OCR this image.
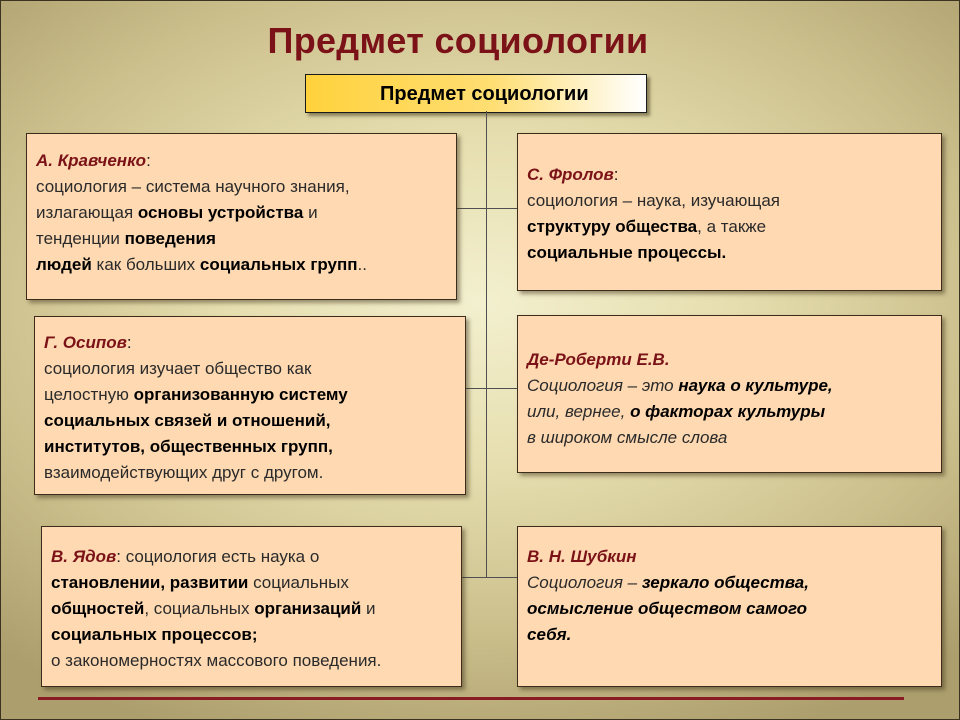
Предмет социологии
Предмет социологии
А. Кравченко:
социология – система научного знания,
излагающая основы устройства и
тенденции поведения
людей как больших социальных групп..
С. Фролов:
социология – наука, изучающая
структуру общества, а также
социальные процессы.
Г. Осипов:
социология изучает общество как
целостную организованную систему
социальных связей и отношений,
институтов, общественных групп,
взаимодействующих друг с другом.
Де-Роберти Е.В.
Социология – это наука о культуре,
или, вернее, о факторах культуры
в широком смысле слова
В. Ядов: социология есть наука о
становлении, развитии социальных
общностей, социальных организаций и
социальных процессов;
о закономерностях массового поведения.
В. Н. Шубкин
Социология – зеркало общества,
осмысление обществом самого
себя.
